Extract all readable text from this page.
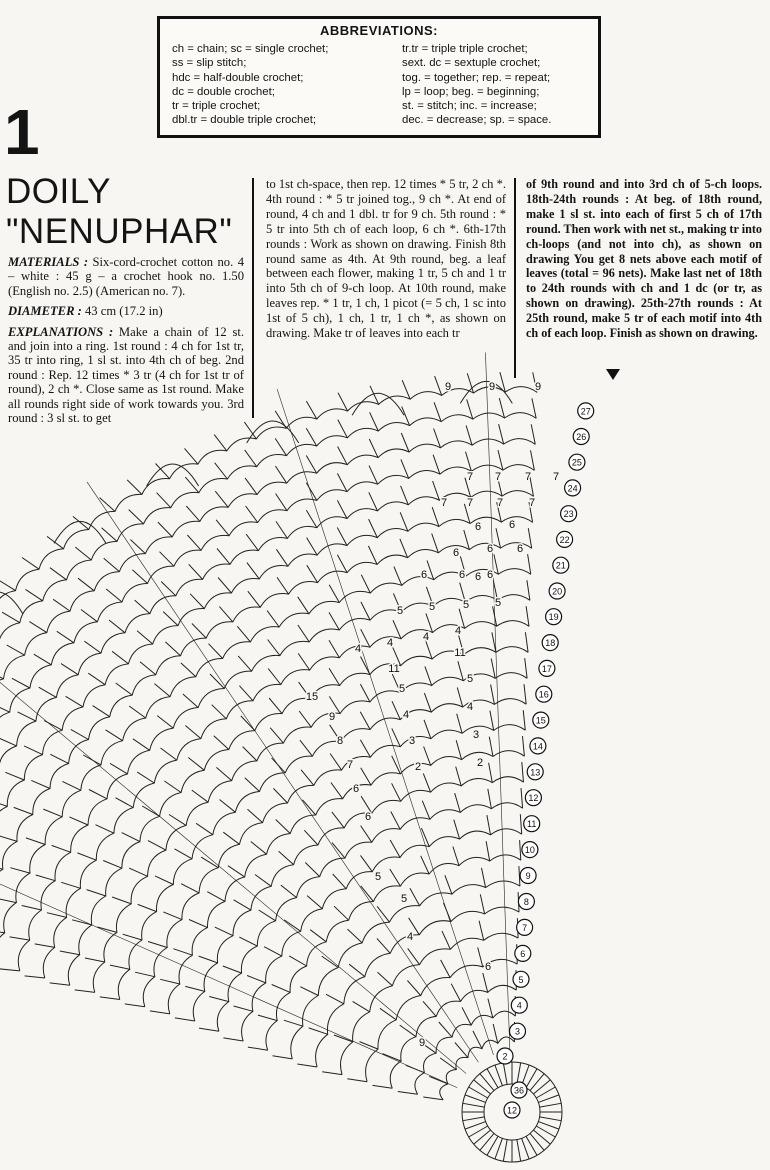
ABBREVIATIONS:
ch = chain; sc = single crochet;
ss = slip stitch;
hdc = half-double crochet;
dc = double crochet;
tr = triple crochet;
dbl.tr = double triple crochet;
tr.tr = triple triple crochet;
sext. dc = sextuple crochet;
tog. = together; rep. = repeat;
lp = loop; beg. = beginning;
st. = stitch; inc. = increase;
dec. = decrease; sp. = space.
1
DOILY
"NENUPHAR"

MATERIALS : Six-cord-crochet cotton no. 4 – white : 45 g – a crochet hook no. 1.50 (English no. 2.5) (American no. 7).

DIAMETER : 43 cm (17.2 in)

EXPLANATIONS : Make a chain of 12 st. and join into a ring. 1st round : 4 ch for 1st tr, 35 tr into ring, 1 sl st. into 4th ch of beg. 2nd round : Rep. 12 times * 3 tr (4 ch for 1st tr of round), 2 ch *. Close same as 1st round. Make all rounds right side of work towards you. 3rd round : 3 sl st. to get

to 1st ch-space, then rep. 12 times * 5 tr, 2 ch *. 4th round : * 5 tr joined tog., 9 ch *. At end of round, 4 ch and 1 dbl. tr for 9 ch. 5th round : * 5 tr into 5th ch of each loop, 6 ch *. 6th-17th rounds : Work as shown on drawing. Finish 8th round same as 4th. At 9th round, beg. a leaf between each flower, making 1 tr, 5 ch and 1 tr into 5th ch of 9-ch loop. At 10th round, make leaves rep. * 1 tr, 1 ch, 1 picot (= 5 ch, 1 sc into 1st of 5 ch), 1 ch, 1 tr, 1 ch *, as shown on drawing. Make tr of leaves into each tr
of 9th round and into 3rd ch of 5-ch loops. 18th-24th rounds : At beg. of 18th round, make 1 sl st. into each of first 5 ch of 17th round. Then work with net st., making tr into ch-loops (and not into ch), as shown on drawing You get 8 nets above each motif of leaves (total = 96 nets). Make last net of 18th to 24th rounds with ch and 1 dc (or tr, as shown on drawing). 25th-27th rounds : At 25th round, make 5 tr of each motif into 4th ch of each loop. Finish as shown on drawing.
27
26
25
24
23
22
21
20
19
18
17
16
15
14
13
12
11
10
9
8
7
6
5
4
3
2
36
12
9	9	9
7 7 7 7
7 7 7 7
6	6
6	6 6
6	6 6
6
5 5	5 5
4 4	4 4
11
11
15
5
5
9	4
4
8	3	3
7	2	2
6
6
5
5
4
6
9
